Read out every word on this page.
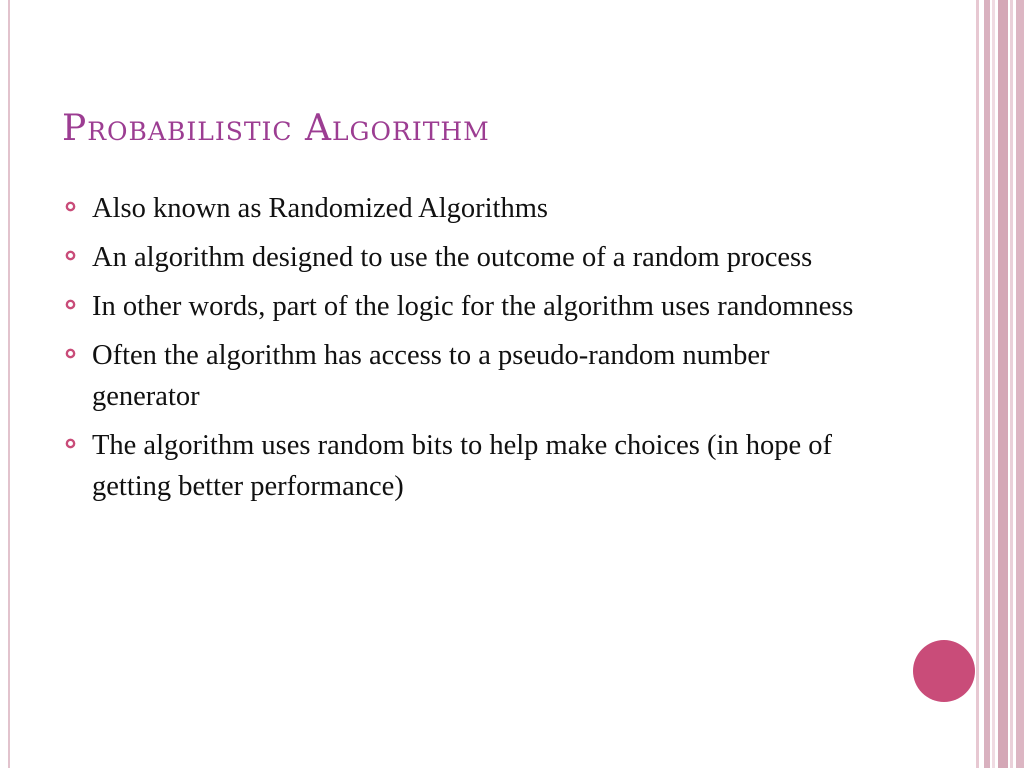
Probabilistic Algorithm
Also known as Randomized Algorithms
An algorithm designed to use the outcome of a random process
In other words, part of the logic for the algorithm uses randomness
Often the algorithm has access to a pseudo-random number generator
The algorithm uses random bits to help make choices (in hope of getting better performance)
